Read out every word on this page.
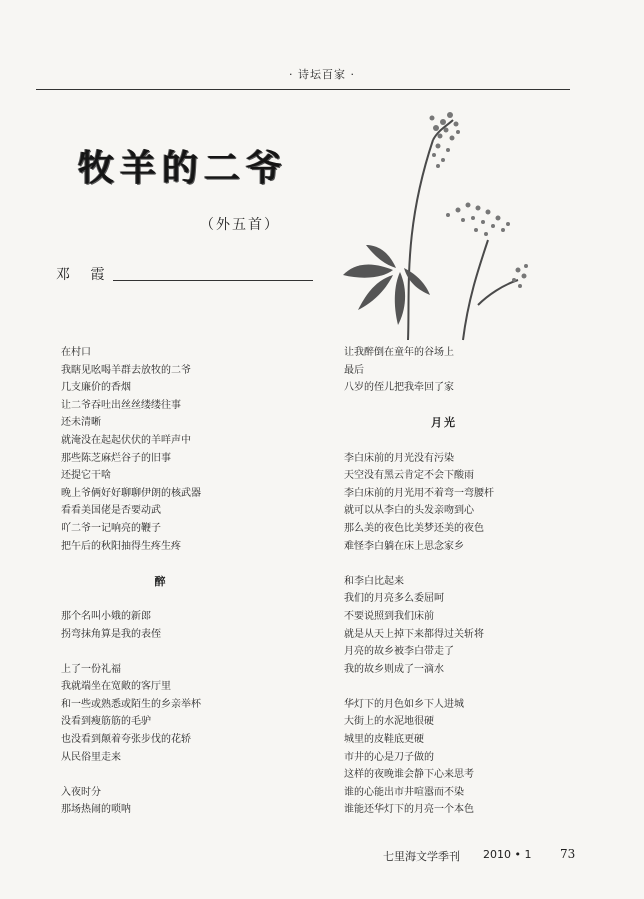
· 诗坛百家 ·
牧羊的二爷
（外五首）
邓 霞
在村口
我瞎见吆喝羊群去放牧的二爷
几支廉价的香烟
让二爷吞吐出丝丝缕缕往事
还未清晰
就淹没在起起伏伏的羊咩声中
那些陈芝麻烂谷子的旧事
还提它干啥
晚上爷俩好好聊聊伊朗的核武器
看看美国佬是否要动武
吖二爷一记响亮的鞭子
把午后的秋阳抽得生疼生疼
醉
那个名叫小娥的新郎
拐弯抹角算是我的表侄
上了一份礼福
我就端坐在宽敞的客厅里
和一些或熟悉或陌生的乡亲举杯
没看到瘦筋筋的毛驴
也没看到颠着夸张步伐的花轿
从民俗里走来
入夜时分
那场热闹的唢呐
让我醉倒在童年的谷场上
最后
八岁的侄儿把我牵回了家
月光
李白床前的月光没有污染
天空没有黑云肯定不会下酸雨
李白床前的月光用不着弯一弯腰杆
就可以从李白的头发亲吻到心
那么美的夜色比美梦还美的夜色
难怪李白躺在床上思念家乡
和李白比起来
我们的月亮多么委屈呵
不要说照到我们床前
就是从天上掉下来都得过关斩将
月亮的故乡被李白带走了
我的故乡则成了一滴水
华灯下的月色如乡下人进城
大街上的水泥地很硬
城里的皮鞋底更硬
市井的心是刀子做的
这样的夜晚谁会静下心来思考
谁的心能出市井喧嚣而不染
谁能还华灯下的月亮一个本色
七里海文学季刊 2010 • 1 73
